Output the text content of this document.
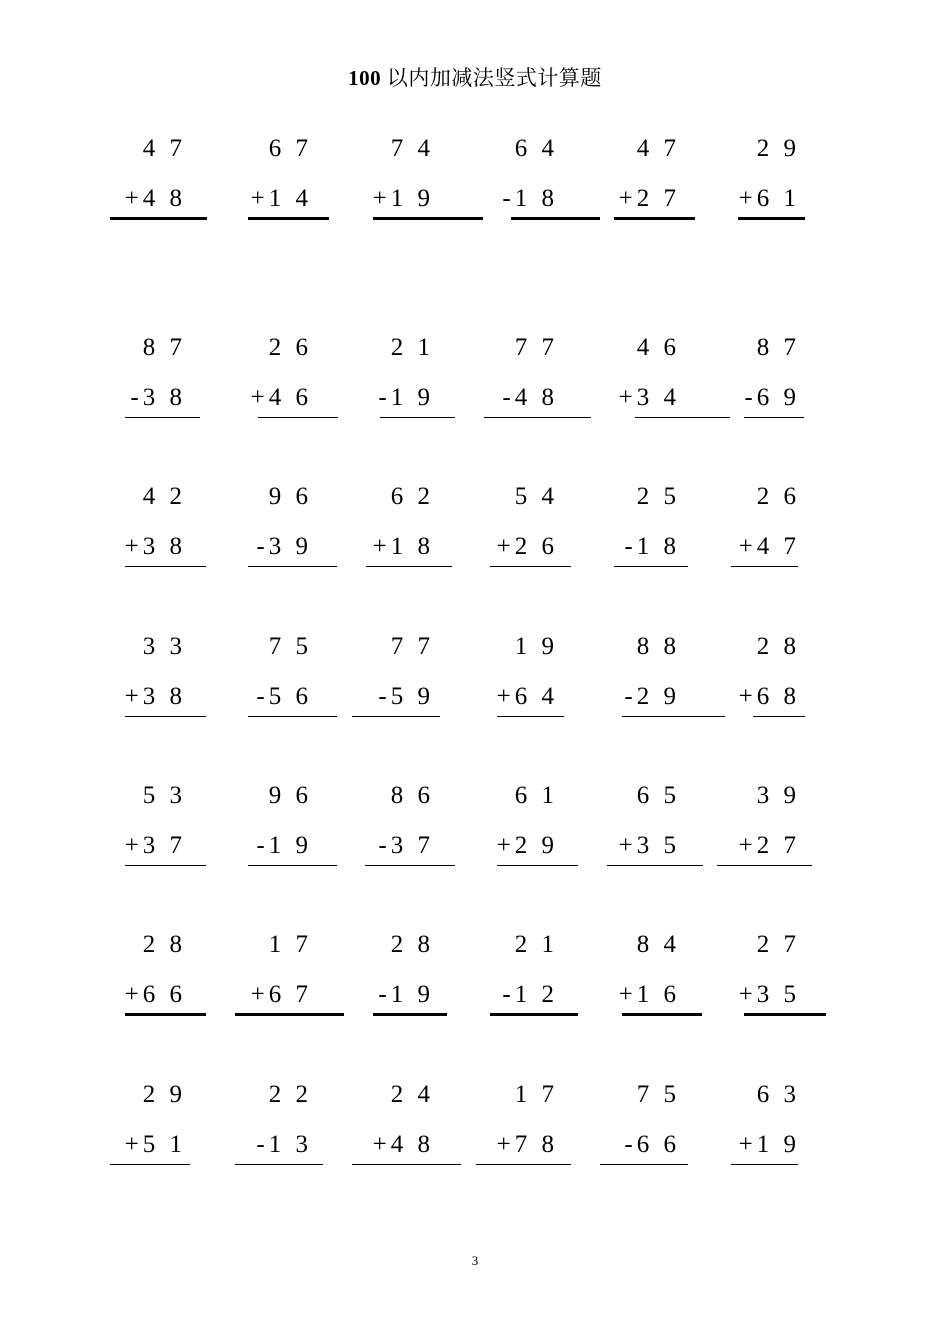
100 以内加减法竖式计算题
4 7
+4 8
6 7
+1 4
7 4
+1 9
6 4
-1 8
4 7
+2 7
2 9
+6 1
8 7
-3 8
2 6
+4 6
2 1
-1 9
7 7
-4 8
4 6
+3 4
8 7
-6 9
4 2
+3 8
9 6
-3 9
6 2
+1 8
5 4
+2 6
2 5
-1 8
2 6
+4 7
3 3
+3 8
7 5
-5 6
7 7
-5 9
1 9
+6 4
8 8
-2 9
2 8
+6 8
5 3
+3 7
9 6
-1 9
8 6
-3 7
6 1
+2 9
6 5
+3 5
3 9
+2 7
2 8
+6 6
1 7
+6 7
2 8
-1 9
2 1
-1 2
8 4
+1 6
2 7
+3 5
2 9
+5 1
2 2
-1 3
2 4
+4 8
1 7
+7 8
7 5
-6 6
6 3
+1 9
3
